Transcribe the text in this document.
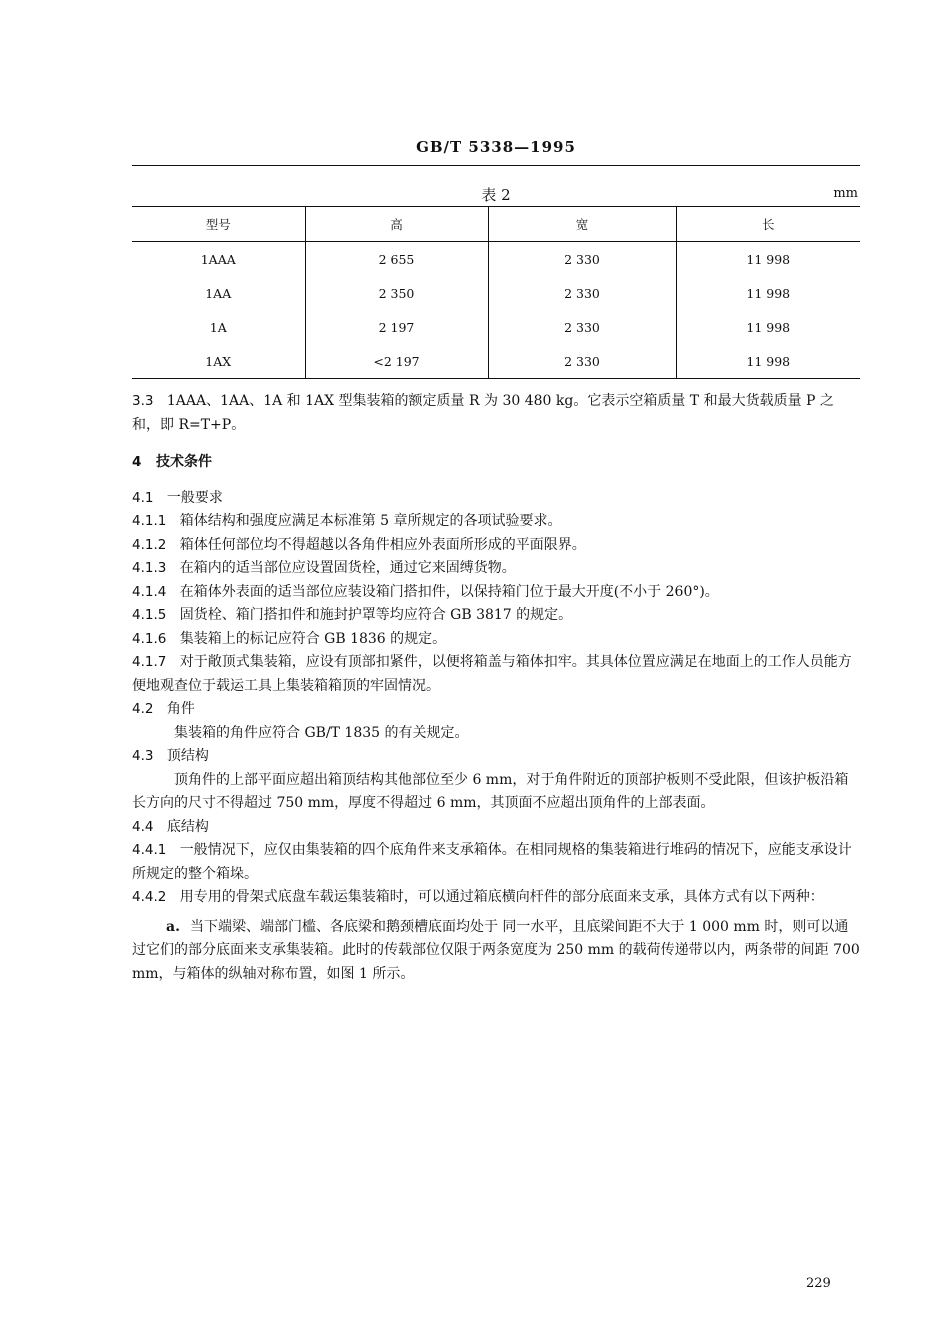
GB/T 5338—1995
表 2	mm
型号	高	宽	长
1AAA	2 655	2 330	11 998
1AA	2 350	2 330	11 998
1A	2 197	2 330	11 998
1AX	<2 197	2 330	11 998

3.3 1AAA、1AA、1A 和 1AX 型集装箱的额定质量 R 为 30 480 kg。它表示空箱质量 T 和最大货载质量 P 之和，即 R=T+P。

4 技术条件

4.1 一般要求

4.1.1 箱体结构和强度应满足本标准第 5 章所规定的各项试验要求。

4.1.2 箱体任何部位均不得超越以各角件相应外表面所形成的平面限界。

4.1.3 在箱内的适当部位应设置固货栓，通过它来固缚货物。

4.1.4 在箱体外表面的适当部位应装设箱门搭扣件，以保持箱门位于最大开度(不小于 260°)。

4.1.5 固货栓、箱门搭扣件和施封护罩等均应符合 GB 3817 的规定。

4.1.6 集装箱上的标记应符合 GB 1836 的规定。

4.1.7 对于敞顶式集装箱，应设有顶部扣紧件，以便将箱盖与箱体扣牢。其具体位置应满足在地面上的工作人员能方便地观查位于载运工具上集装箱箱顶的牢固情况。

4.2 角件

集装箱的角件应符合 GB/T 1835 的有关规定。

4.3 顶结构

顶角件的上部平面应超出箱顶结构其他部位至少 6 mm，对于角件附近的顶部护板则不受此限，但该护板沿箱长方向的尺寸不得超过 750 mm，厚度不得超过 6 mm，其顶面不应超出顶角件的上部表面。

4.4 底结构

4.4.1 一般情况下，应仅由集装箱的四个底角件来支承箱体。在相同规格的集装箱进行堆码的情况下，应能支承设计所规定的整个箱垛。

4.4.2 用专用的骨架式底盘车载运集装箱时，可以通过箱底横向杆件的部分底面来支承，具体方式有以下两种：

a. 当下端梁、端部门槛、各底梁和鹅颈槽底面均处于 同一水平，且底梁间距不大于 1 000 mm 时，则可以通过它们的部分底面来支承集装箱。此时的传载部位仅限于两条宽度为 250 mm 的载荷传递带以内，两条带的间距 700 mm，与箱体的纵轴对称布置，如图 1 所示。

229
